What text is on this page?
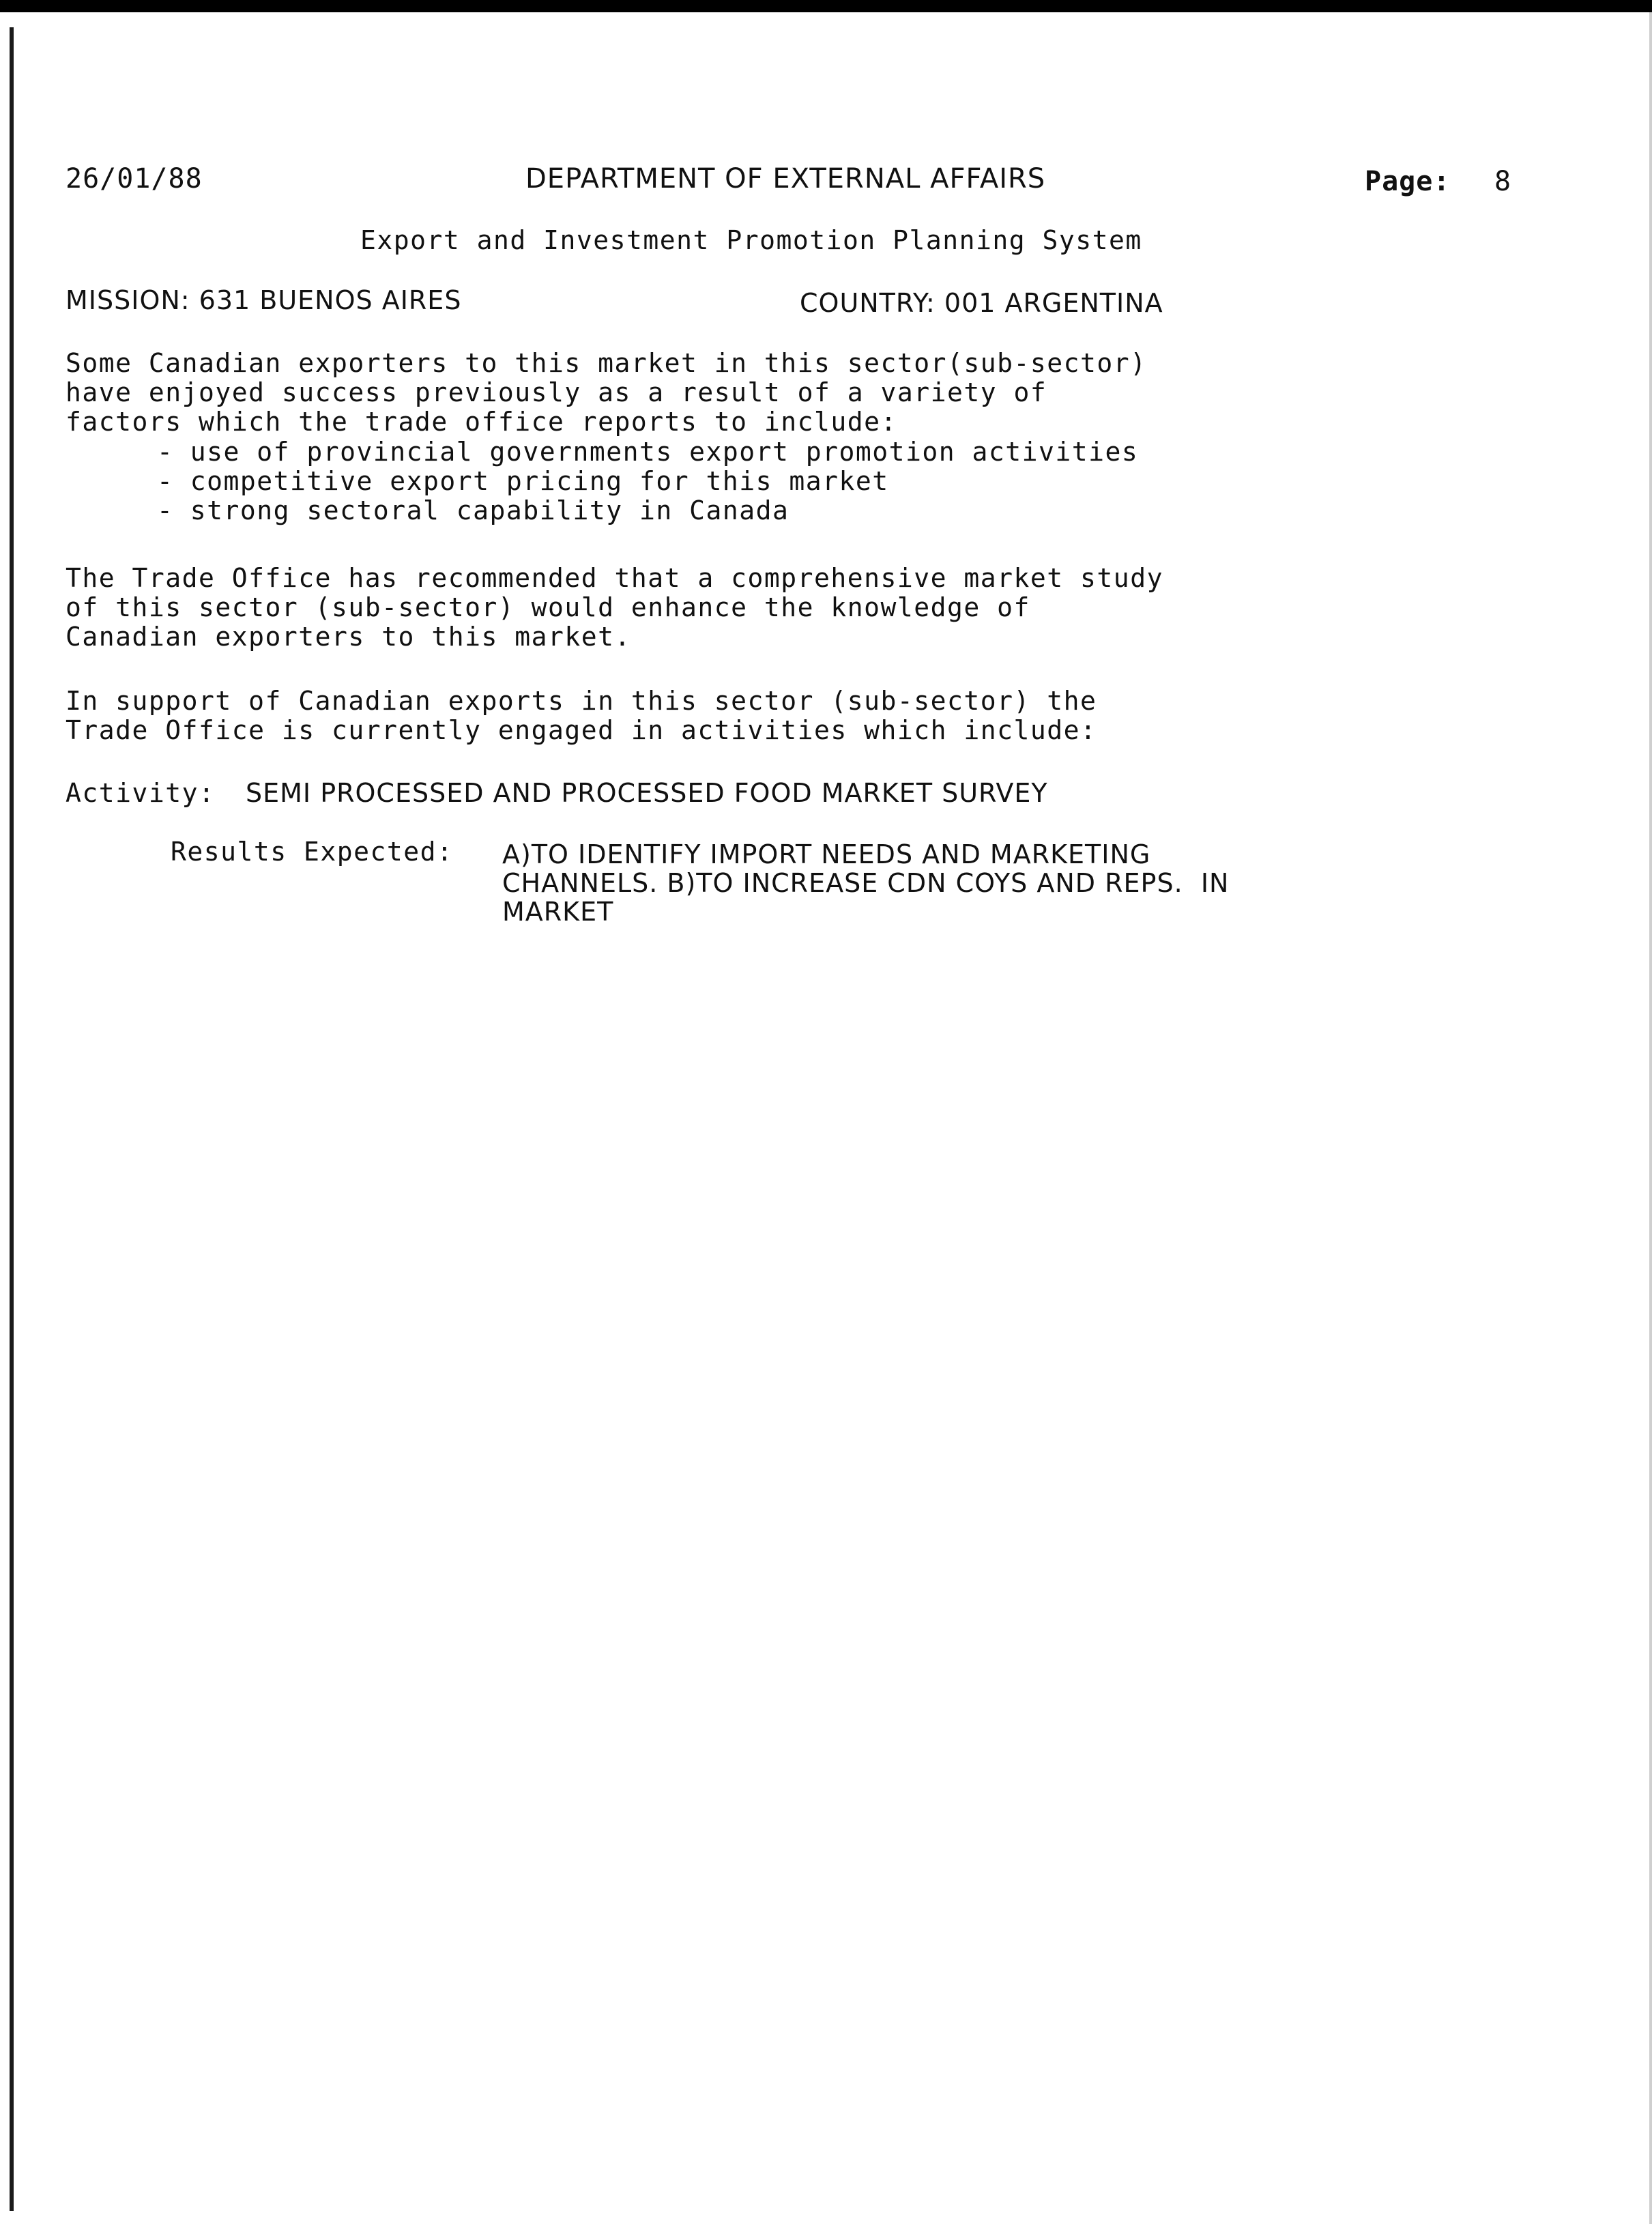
26/01/88	DEPARTMENT OF EXTERNAL AFFAIRS	Page: 8
Export and Investment Promotion Planning System
MISSION: 631 BUENOS AIRES	COUNTRY: 001 ARGENTINA
Some Canadian exporters to this market in this sector(sub-sector)
have enjoyed success previously as a result of a variety of
factors which the trade office reports to include:
- use of provincial governments export promotion activities
- competitive export pricing for this market
- strong sectoral capability in Canada
The Trade Office has recommended that a comprehensive market study
of this sector (sub-sector) would enhance the knowledge of
Canadian exporters to this market.
In support of Canadian exports in this sector (sub-sector) the
Trade Office is currently engaged in activities which include:
Activity: SEMI PROCESSED AND PROCESSED FOOD MARKET SURVEY
Results Expected: A)TO IDENTIFY IMPORT NEEDS AND MARKETING
CHANNELS. B)TO INCREASE CDN COYS AND REPS.  IN
MARKET
